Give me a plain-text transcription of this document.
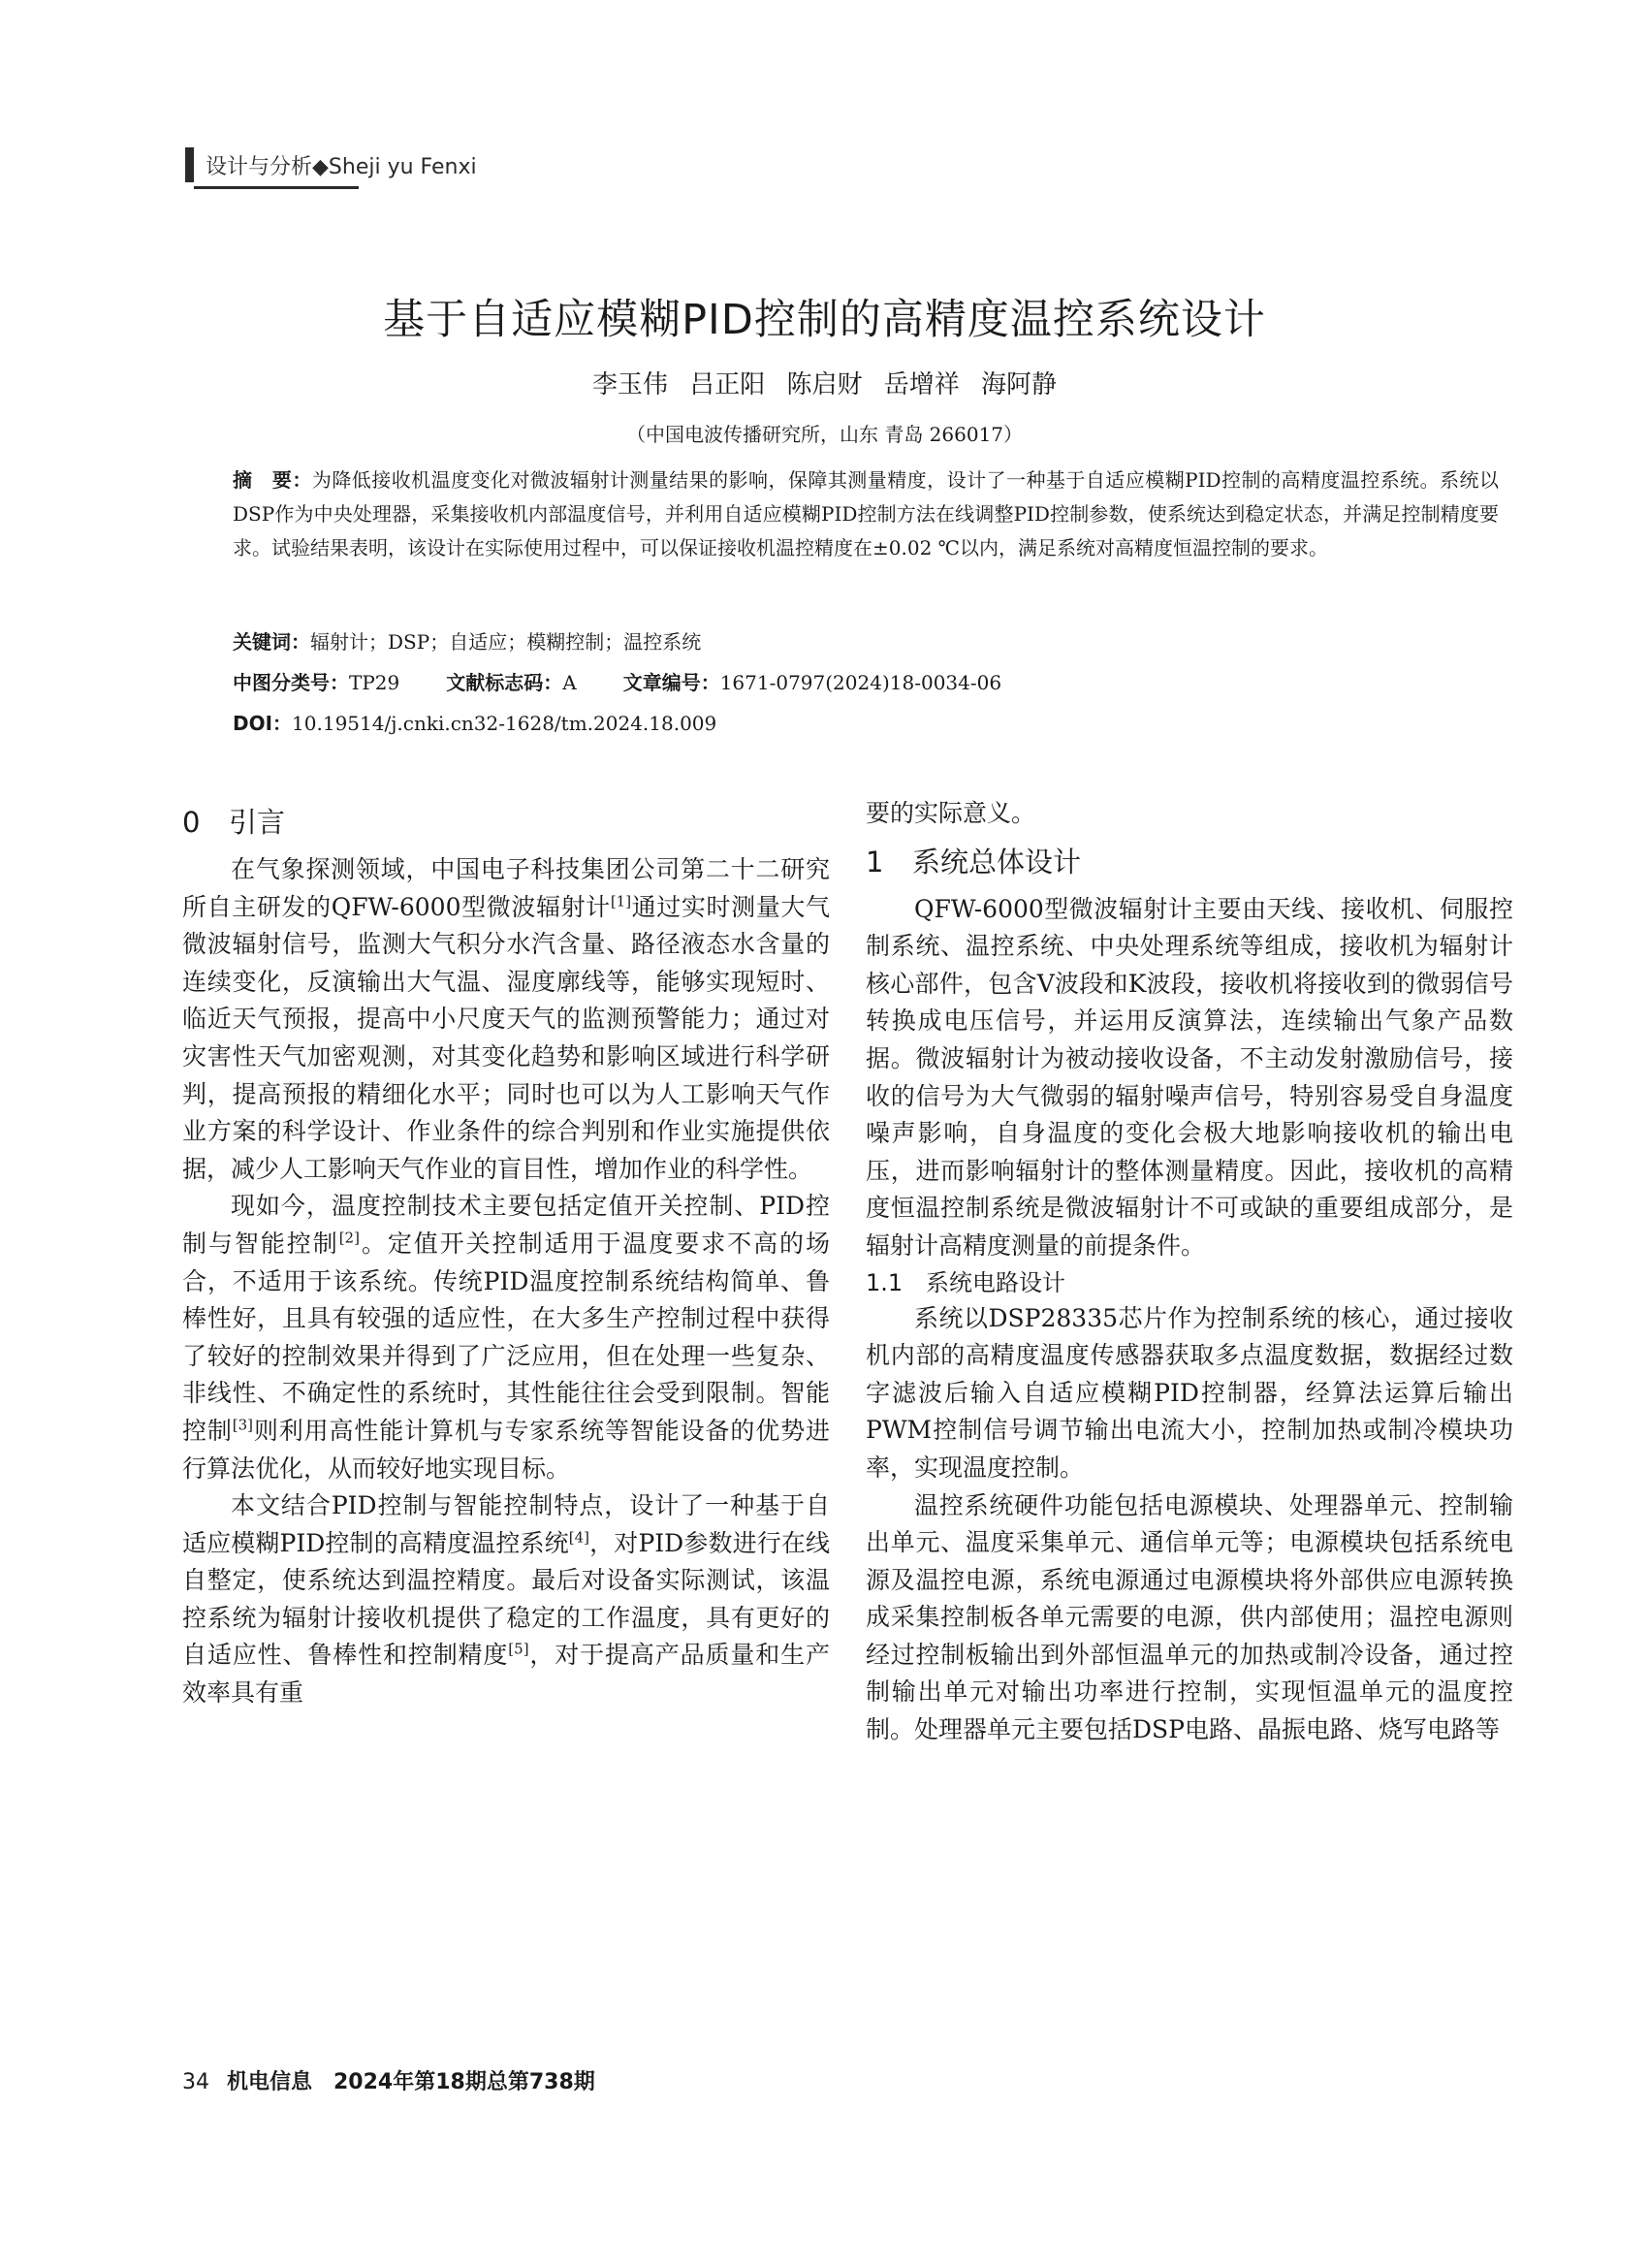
设计与分析◆Sheji yu Fenxi
基于自适应模糊PID控制的高精度温控系统设计
李玉伟 吕正阳 陈启财 岳增祥 海阿静
（中国电波传播研究所，山东 青岛 266017）
摘　要：为降低接收机温度变化对微波辐射计测量结果的影响，保障其测量精度，设计了一种基于自适应模糊PID控制的高精度温控系统。系统以DSP作为中央处理器，采集接收机内部温度信号，并利用自适应模糊PID控制方法在线调整PID控制参数，使系统达到稳定状态，并满足控制精度要求。试验结果表明，该设计在实际使用过程中，可以保证接收机温控精度在±0.02 ℃以内，满足系统对高精度恒温控制的要求。
关键词：辐射计；DSP；自适应；模糊控制；温控系统
中图分类号：TP29 文献标志码：A 文章编号：1671-0797(2024)18-0034-06
DOI：10.19514/j.cnki.cn32-1628/tm.2024.18.009
0 引言

在气象探测领域，中国电子科技集团公司第二十二研究所自主研发的QFW-6000型微波辐射计[1]通过实时测量大气微波辐射信号，监测大气积分水汽含量、路径液态水含量的连续变化，反演输出大气温、湿度廓线等，能够实现短时、临近天气预报，提高中小尺度天气的监测预警能力；通过对灾害性天气加密观测，对其变化趋势和影响区域进行科学研判，提高预报的精细化水平；同时也可以为人工影响天气作业方案的科学设计、作业条件的综合判别和作业实施提供依据，减少人工影响天气作业的盲目性，增加作业的科学性。

现如今，温度控制技术主要包括定值开关控制、PID控制与智能控制[2]。定值开关控制适用于温度要求不高的场合，不适用于该系统。传统PID温度控制系统结构简单、鲁棒性好，且具有较强的适应性，在大多生产控制过程中获得了较好的控制效果并得到了广泛应用，但在处理一些复杂、非线性、不确定性的系统时，其性能往往会受到限制。智能控制[3]则利用高性能计算机与专家系统等智能设备的优势进行算法优化，从而较好地实现目标。

本文结合PID控制与智能控制特点，设计了一种基于自适应模糊PID控制的高精度温控系统[4]，对PID参数进行在线自整定，使系统达到温控精度。最后对设备实际测试，该温控系统为辐射计接收机提供了稳定的工作温度，具有更好的自适应性、鲁棒性和控制精度[5]，对于提高产品质量和生产效率具有重

要的实际意义。

1 系统总体设计

QFW-6000型微波辐射计主要由天线、接收机、伺服控制系统、温控系统、中央处理系统等组成，接收机为辐射计核心部件，包含V波段和K波段，接收机将接收到的微弱信号转换成电压信号，并运用反演算法，连续输出气象产品数据。微波辐射计为被动接收设备，不主动发射激励信号，接收的信号为大气微弱的辐射噪声信号，特别容易受自身温度噪声影响，自身温度的变化会极大地影响接收机的输出电压，进而影响辐射计的整体测量精度。因此，接收机的高精度恒温控制系统是微波辐射计不可或缺的重要组成部分，是辐射计高精度测量的前提条件。

1.1 系统电路设计

系统以DSP28335芯片作为控制系统的核心，通过接收机内部的高精度温度传感器获取多点温度数据，数据经过数字滤波后输入自适应模糊PID控制器，经算法运算后输出PWM控制信号调节输出电流大小，控制加热或制冷模块功率，实现温度控制。

温控系统硬件功能包括电源模块、处理器单元、控制输出单元、温度采集单元、通信单元等；电源模块包括系统电源及温控电源，系统电源通过电源模块将外部供应电源转换成采集控制板各单元需要的电源，供内部使用；温控电源则经过控制板输出到外部恒温单元的加热或制冷设备，通过控制输出单元对输出功率进行控制，实现恒温单元的温度控制。处理器单元主要包括DSP电路、晶振电路、烧写电路等

34 机电信息　2024年第18期总第738期
